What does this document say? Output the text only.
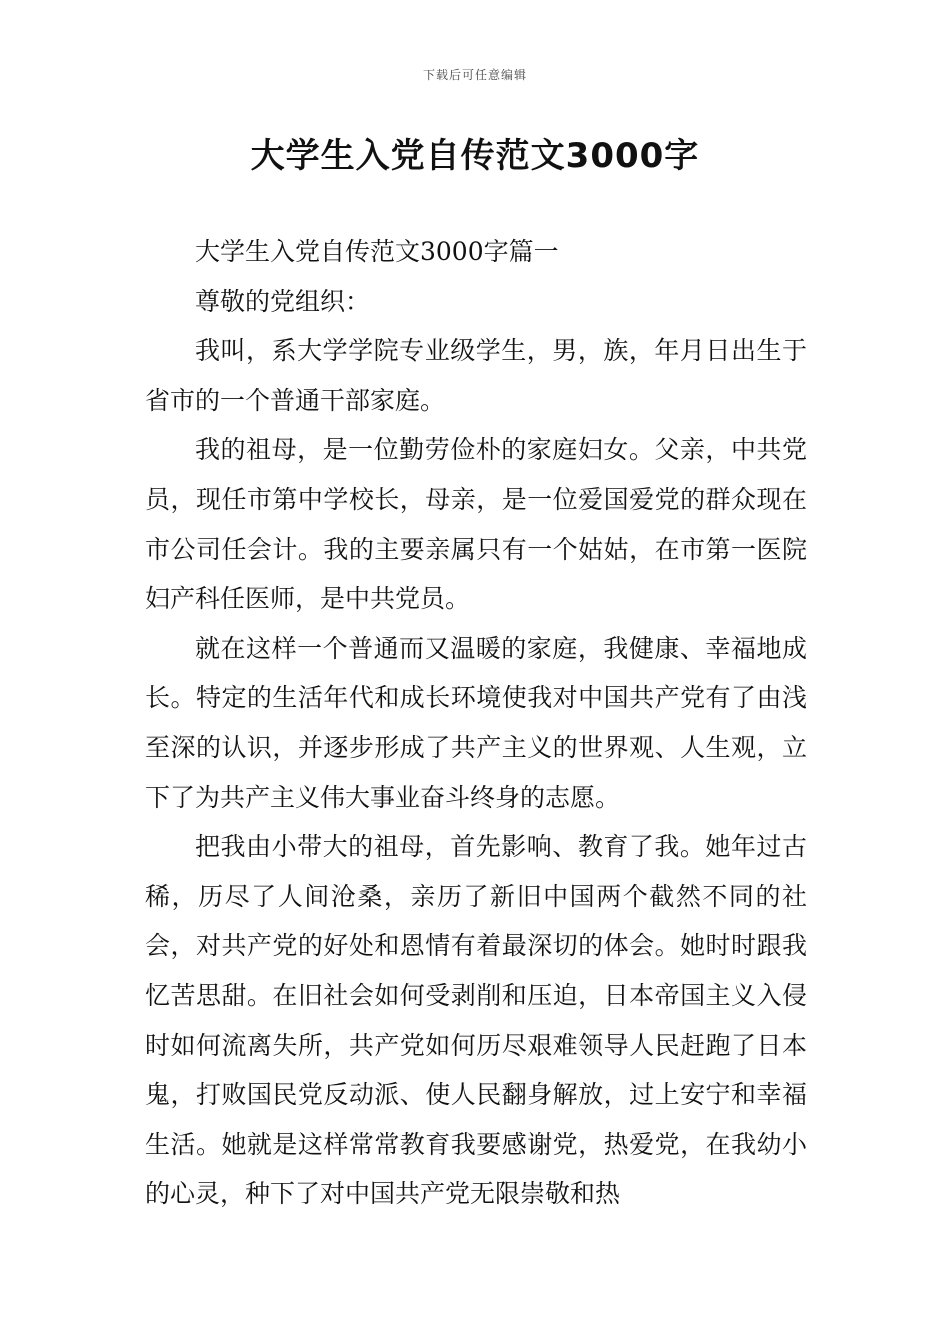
下载后可任意编辑
大学生入党自传范文3000字

大学生入党自传范文3000字篇一

尊敬的党组织：

我叫，系大学学院专业级学生，男，族，年月日出生于省市的一个普通干部家庭。

我的祖母，是一位勤劳俭朴的家庭妇女。父亲，中共党员，现任市第中学校长，母亲，是一位爱国爱党的群众现在市公司任会计。我的主要亲属只有一个姑姑，在市第一医院妇产科任医师，是中共党员。

就在这样一个普通而又温暖的家庭，我健康、幸福地成长。特定的生活年代和成长环境使我对中国共产党有了由浅至深的认识，并逐步形成了共产主义的世界观、人生观，立下了为共产主义伟大事业奋斗终身的志愿。

把我由小带大的祖母，首先影响、教育了我。她年过古稀，历尽了人间沧桑，亲历了新旧中国两个截然不同的社会，对共产党的好处和恩情有着最深切的体会。她时时跟我忆苦思甜。在旧社会如何受剥削和压迫，日本帝国主义入侵时如何流离失所，共产党如何历尽艰难领导人民赶跑了日本鬼，打败国民党反动派、使人民翻身解放，过上安宁和幸福生活。她就是这样常常教育我要感谢党，热爱党，在我幼小的心灵，种下了对中国共产党无限崇敬和热
